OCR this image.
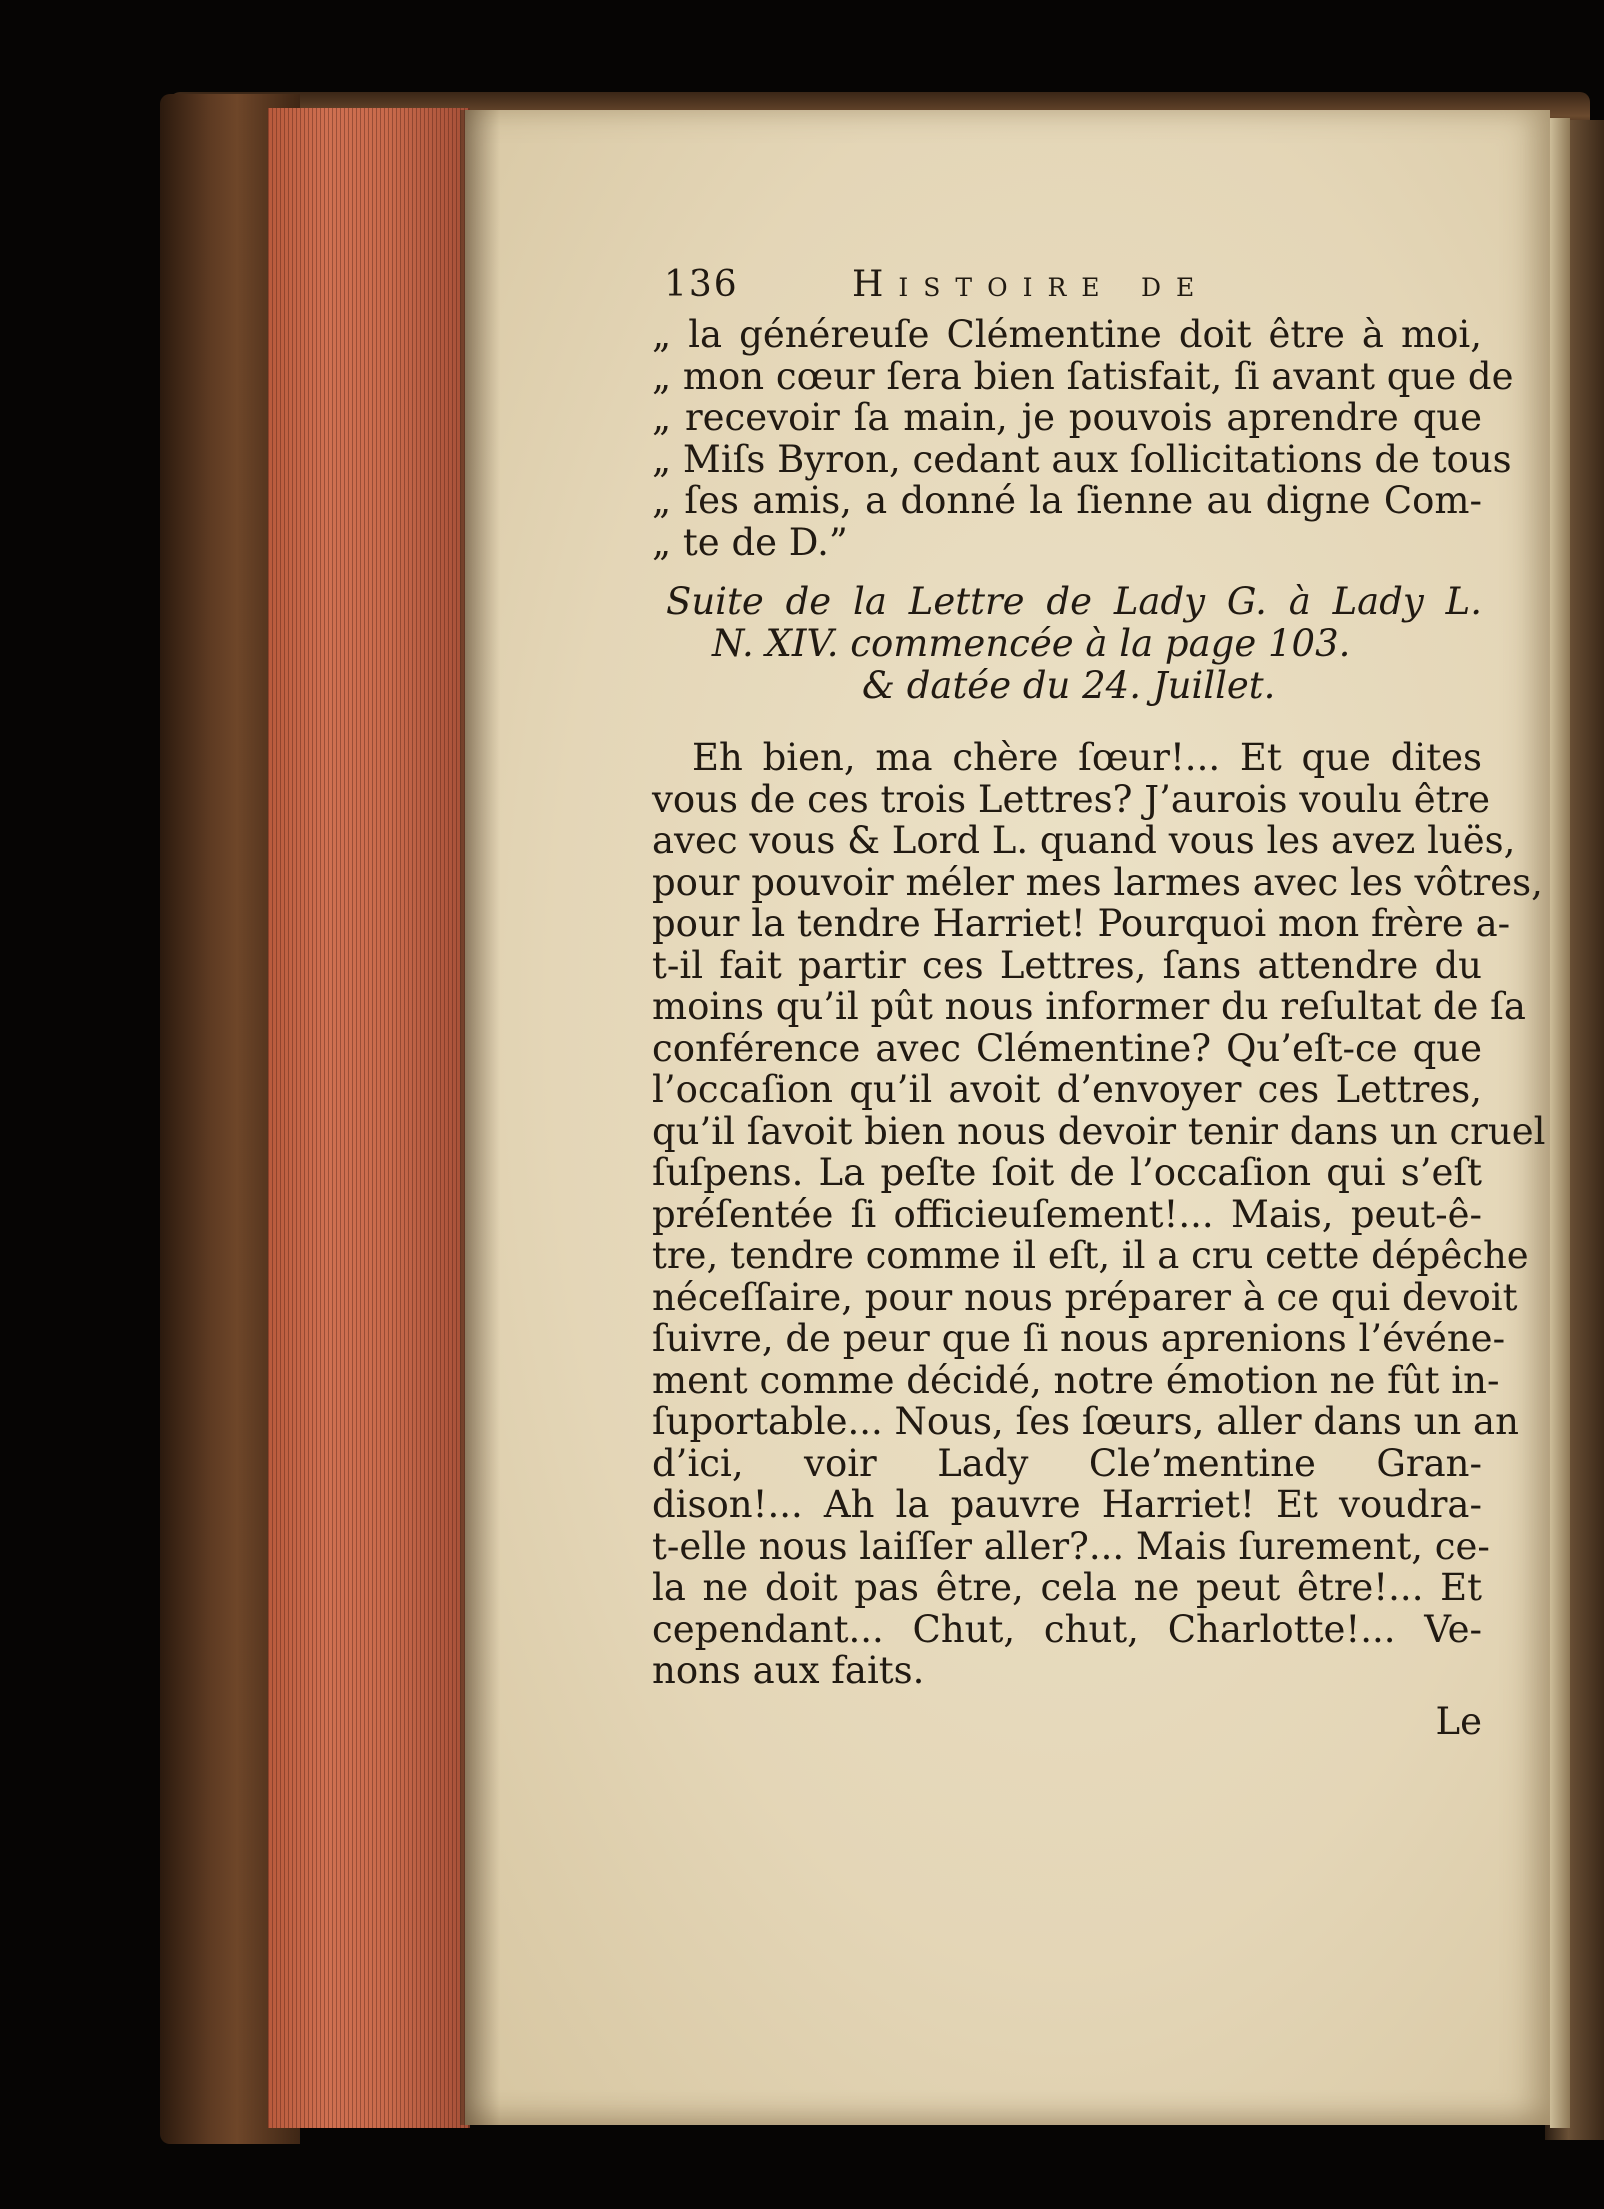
136	Histoire de
„ la généreuſe Clémentine doit être à moi,
„ mon cœur ſera bien ſatisfait, ſi avant que de
„ recevoir ſa main, je pouvois aprendre que
„ Miſs Byron, cedant aux ſollicitations de tous
„ ſes amis, a donné la ſienne au digne Com-
„ te de D.”
Suite de la Lettre de Lady G. à Lady L.
N. XIV. commencée à la page 103.
& datée du 24. Juillet.
Eh bien, ma chère ſœur!... Et que dites
vous de ces trois Lettres? J’aurois voulu être
avec vous & Lord L. quand vous les avez luës,
pour pouvoir méler mes larmes avec les vôtres,
pour la tendre Harriet! Pourquoi mon frère a-
t-il fait partir ces Lettres, ſans attendre du
moins qu’il pût nous informer du reſultat de ſa
conférence avec Clémentine? Qu’eſt-ce que
l’occaſion qu’il avoit d’envoyer ces Lettres,
qu’il ſavoit bien nous devoir tenir dans un cruel
ſuſpens. La peſte ſoit de l’occaſion qui s’eſt
préſentée ſi officieuſement!... Mais, peut-ê-
tre, tendre comme il eſt, il a cru cette dépêche
néceſſaire, pour nous préparer à ce qui devoit
ſuivre, de peur que ſi nous aprenions l’événe-
ment comme décidé, notre émotion ne fût in-
ſuportable... Nous, ſes ſœurs, aller dans un an
d’ici, voir Lady Cle’mentine Gran-
dison!... Ah la pauvre Harriet! Et voudra-
t-elle nous laiſſer aller?... Mais ſurement, ce-
la ne doit pas être, cela ne peut être!... Et
cependant... Chut, chut, Charlotte!... Ve-
nons aux faits.
Le
